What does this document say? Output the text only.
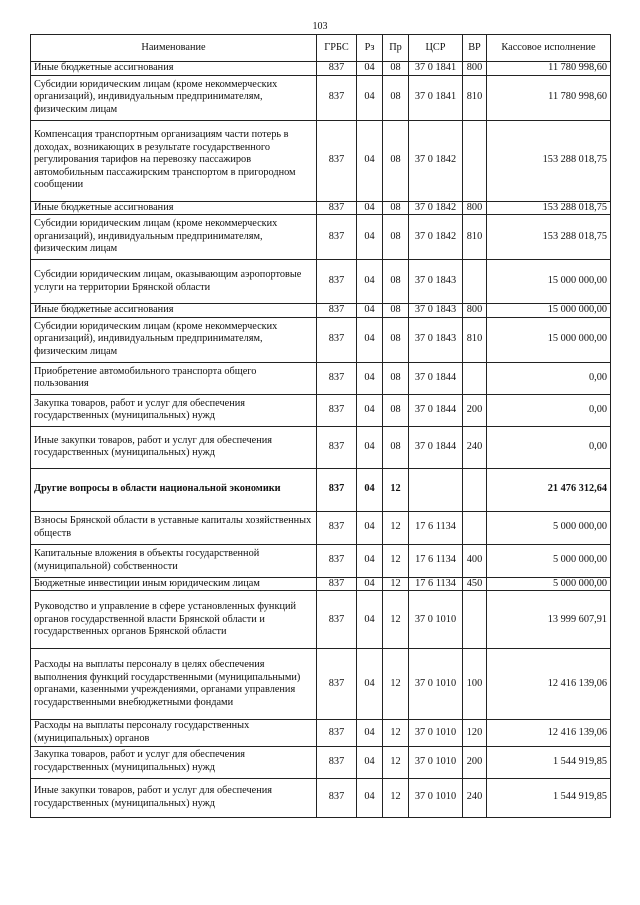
103
Наименование	ГРБС	Рз	Пр	ЦСР	ВР	Кассовое исполнение
Иные бюджетные ассигнования	837	04	08	37 0 1841	800	11 780 998,60
Субсидии юридическим лицам (кроме некоммерческих организаций), индивидуальным предпринимателям, физическим лицам	837	04	08	37 0 1841	810	11 780 998,60
Компенсация транспортным организациям части потерь в доходах, возникающих в результате государственного регулирования тарифов на перевозку пассажиров автомобильным пассажирским транспортом в пригородном сообщении	837	04	08	37 0 1842		153 288 018,75
Иные бюджетные ассигнования	837	04	08	37 0 1842	800	153 288 018,75
Субсидии юридическим лицам (кроме некоммерческих организаций), индивидуальным предпринимателям, физическим лицам	837	04	08	37 0 1842	810	153 288 018,75
Субсидии юридическим лицам, оказывающим аэропортовые услуги на территории Брянской области	837	04	08	37 0 1843		15 000 000,00
Иные бюджетные ассигнования	837	04	08	37 0 1843	800	15 000 000,00
Субсидии юридическим лицам (кроме некоммерческих организаций), индивидуальным предпринимателям, физическим лицам	837	04	08	37 0 1843	810	15 000 000,00
Приобретение автомобильного транспорта общего пользования	837	04	08	37 0 1844		0,00
Закупка товаров, работ и услуг для обеспечения государственных (муниципальных) нужд	837	04	08	37 0 1844	200	0,00
Иные закупки товаров, работ и услуг для обеспечения государственных (муниципальных) нужд	837	04	08	37 0 1844	240	0,00
Другие вопросы в области национальной экономики	837	04	12			21 476 312,64
Взносы Брянской области в уставные капиталы хозяйственных обществ	837	04	12	17 6 1134		5 000 000,00
Капитальные вложения в объекты государственной (муниципальной) собственности	837	04	12	17 6 1134	400	5 000 000,00
Бюджетные инвестиции иным юридическим лицам	837	04	12	17 6 1134	450	5 000 000,00
Руководство и управление в сфере установленных функций органов государственной власти Брянской области и государственных органов Брянской области	837	04	12	37 0 1010		13 999 607,91
Расходы на выплаты персоналу в целях обеспечения выполнения функций государственными (муниципальными) органами, казенными учреждениями, органами управления государственными внебюджетными фондами	837	04	12	37 0 1010	100	12 416 139,06
Расходы на выплаты персоналу государственных (муниципальных) органов	837	04	12	37 0 1010	120	12 416 139,06
Закупка товаров, работ и услуг для обеспечения государственных (муниципальных) нужд	837	04	12	37 0 1010	200	1 544 919,85
Иные закупки товаров, работ и услуг для обеспечения государственных (муниципальных) нужд	837	04	12	37 0 1010	240	1 544 919,85
